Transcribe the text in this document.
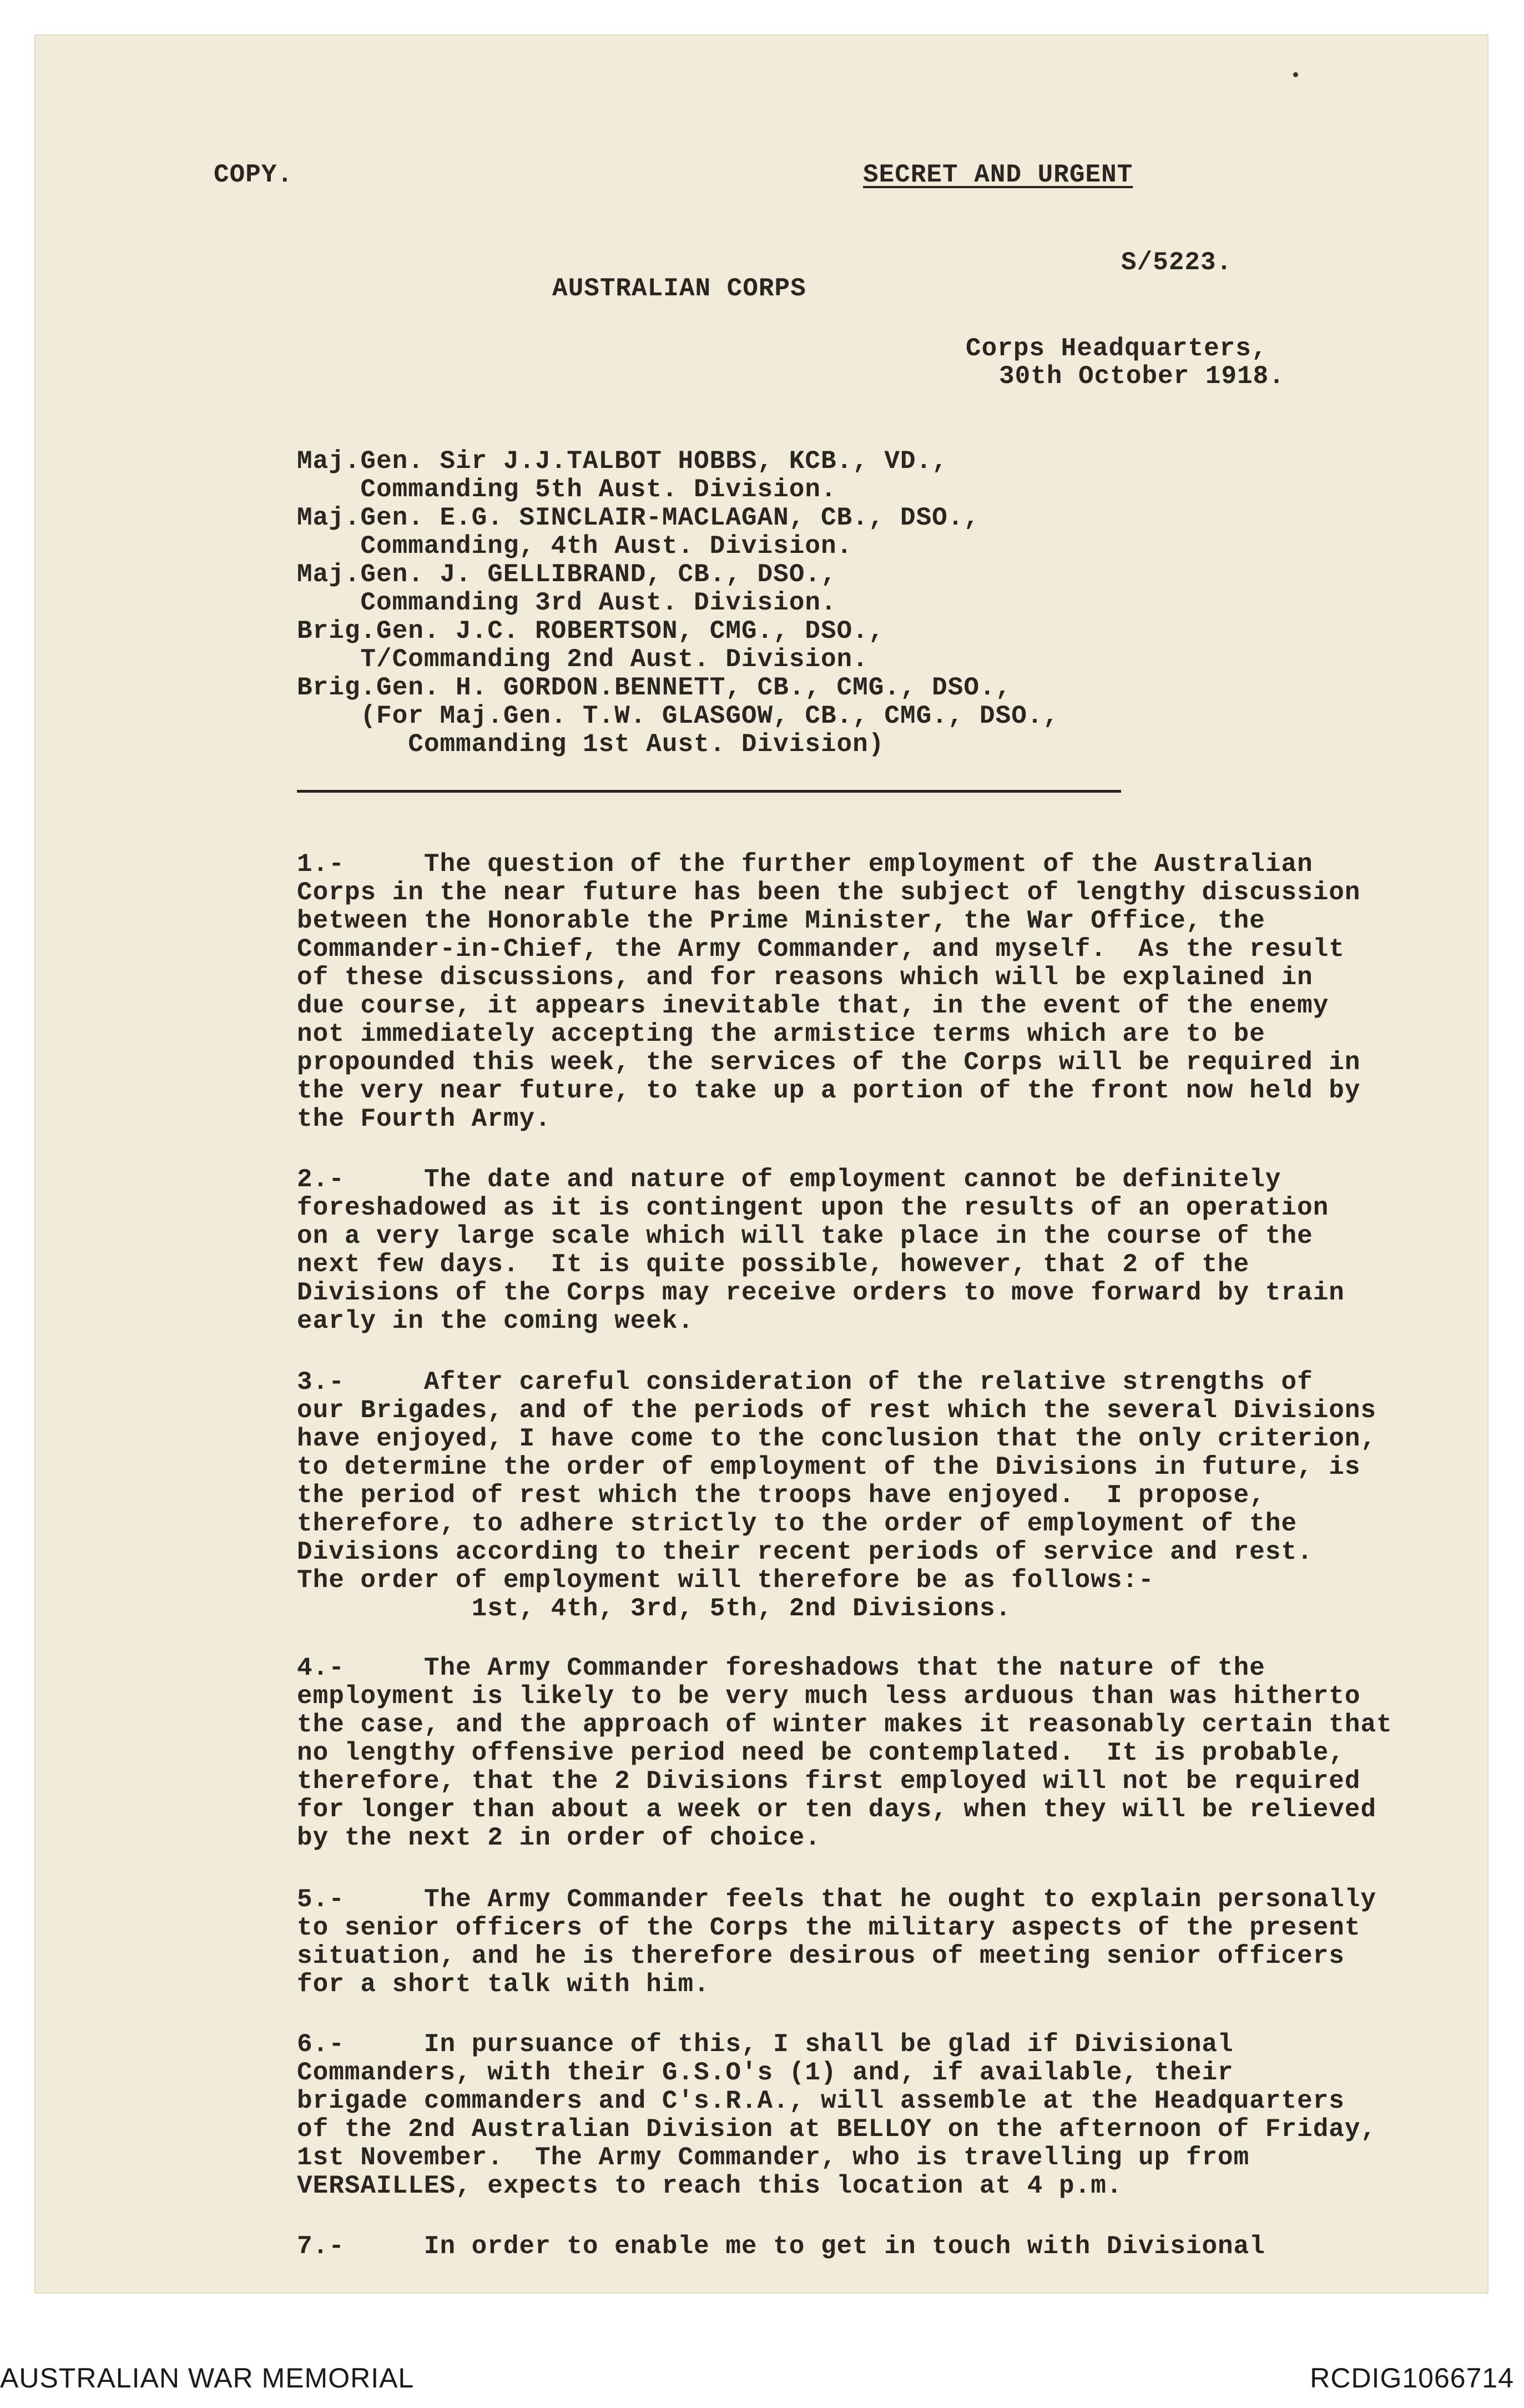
COPY.	SECRET AND URGENT
S/5223.
AUSTRALIAN CORPS
Corps Headquarters,
30th October 1918.
Maj.Gen. Sir J.J.TALBOT HOBBS, KCB., VD.,
Commanding 5th Aust. Division.
Maj.Gen. E.G. SINCLAIR-MACLAGAN, CB., DSO.,
Commanding, 4th Aust. Division.
Maj.Gen. J. GELLIBRAND, CB., DSO.,
Commanding 3rd Aust. Division.
Brig.Gen. J.C. ROBERTSON, CMG., DSO.,
T/Commanding 2nd Aust. Division.
Brig.Gen. H. GORDON.BENNETT, CB., CMG., DSO.,
(For Maj.Gen. T.W. GLASGOW, CB., CMG., DSO.,
Commanding 1st Aust. Division)
1.-     The question of the further employment of the Australian
Corps in the near future has been the subject of lengthy discussion
between the Honorable the Prime Minister, the War Office, the
Commander-in-Chief, the Army Commander, and myself.  As the result
of these discussions, and for reasons which will be explained in
due course, it appears inevitable that, in the event of the enemy
not immediately accepting the armistice terms which are to be
propounded this week, the services of the Corps will be required in
the very near future, to take up a portion of the front now held by
the Fourth Army.
2.-     The date and nature of employment cannot be definitely
foreshadowed as it is contingent upon the results of an operation
on a very large scale which will take place in the course of the
next few days.  It is quite possible, however, that 2 of the
Divisions of the Corps may receive orders to move forward by train
early in the coming week.
3.-     After careful consideration of the relative strengths of
our Brigades, and of the periods of rest which the several Divisions
have enjoyed, I have come to the conclusion that the only criterion,
to determine the order of employment of the Divisions in future, is
the period of rest which the troops have enjoyed.  I propose,
therefore, to adhere strictly to the order of employment of the
Divisions according to their recent periods of service and rest.
The order of employment will therefore be as follows:-
1st, 4th, 3rd, 5th, 2nd Divisions.
4.-     The Army Commander foreshadows that the nature of the
employment is likely to be very much less arduous than was hitherto
the case, and the approach of winter makes it reasonably certain that
no lengthy offensive period need be contemplated.  It is probable,
therefore, that the 2 Divisions first employed will not be required
for longer than about a week or ten days, when they will be relieved
by the next 2 in order of choice.
5.-     The Army Commander feels that he ought to explain personally
to senior officers of the Corps the military aspects of the present
situation, and he is therefore desirous of meeting senior officers
for a short talk with him.
6.-     In pursuance of this, I shall be glad if Divisional
Commanders, with their G.S.O's (1) and, if available, their
brigade commanders and C's.R.A., will assemble at the Headquarters
of the 2nd Australian Division at BELLOY on the afternoon of Friday,
1st November.  The Army Commander, who is travelling up from
VERSAILLES, expects to reach this location at 4 p.m.
7.-     In order to enable me to get in touch with Divisional
AUSTRALIAN WAR MEMORIAL	RCDIG1066714
